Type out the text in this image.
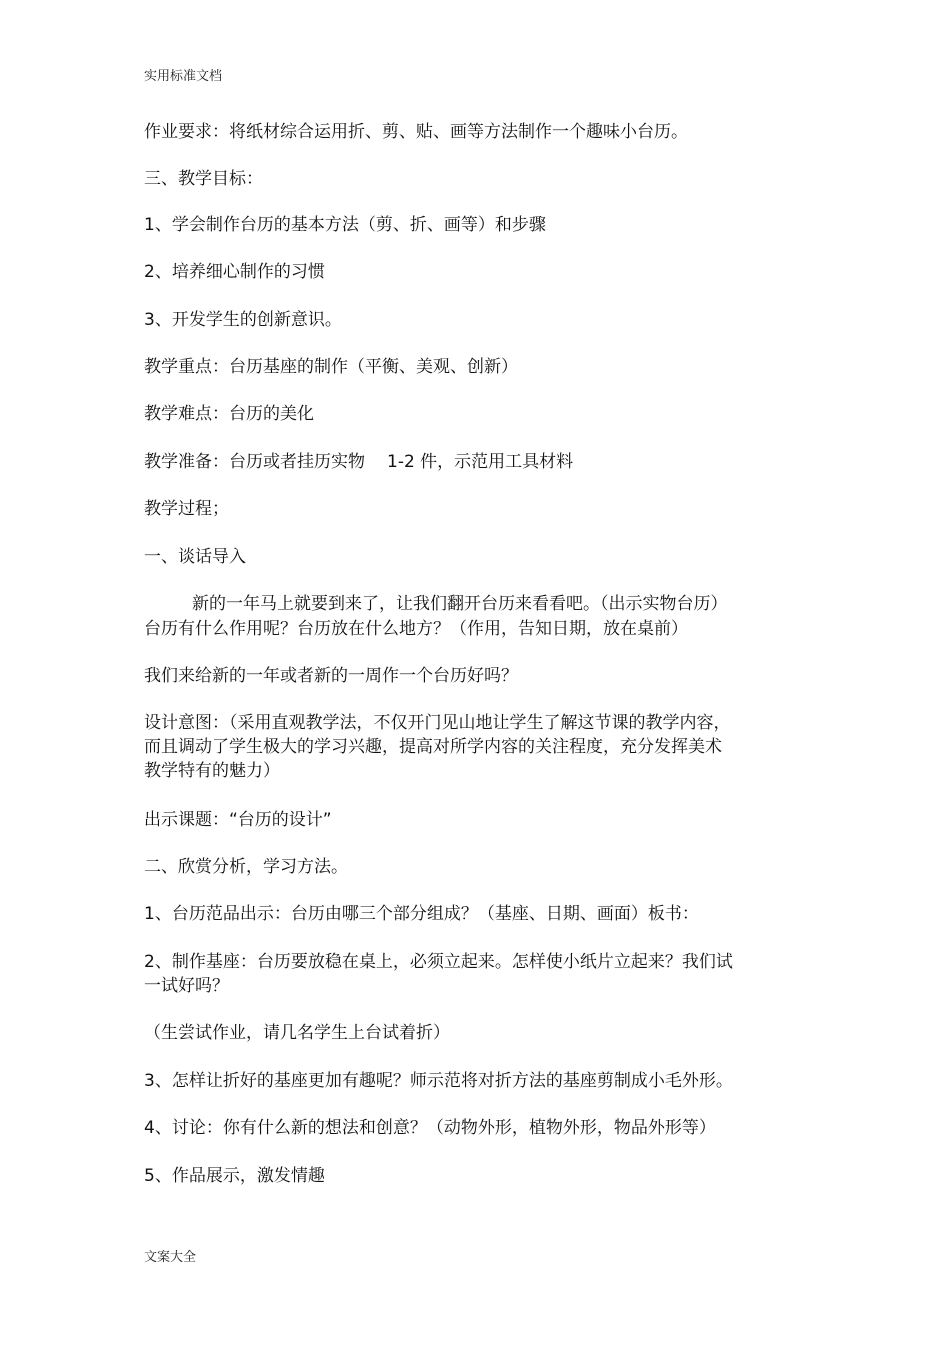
实用标准文档
作业要求：将纸材综合运用折、剪、贴、画等方法制作一个趣味小台历。
三、教学目标：
1、学会制作台历的基本方法（剪、折、画等）和步骤
2、培养细心制作的习惯
3、开发学生的创新意识。
教学重点：台历基座的制作（平衡、美观、创新）
教学难点：台历的美化
教学准备：台历或者挂历实物 1-2 件，示范用工具材料
教学过程；
一、谈话导入
新的一年马上就要到来了，让我们翻开台历来看看吧。（出示实物台历）
台历有什么作用呢？台历放在什么地方？（作用，告知日期，放在桌前）
我们来给新的一年或者新的一周作一个台历好吗？
设计意图：（采用直观教学法，不仅开门见山地让学生了解这节课的教学内容，
而且调动了学生极大的学习兴趣，提高对所学内容的关注程度，充分发挥美术
教学特有的魅力）
出示课题：“台历的设计”
二、欣赏分析，学习方法。
1、台历范品出示：台历由哪三个部分组成？（基座、日期、画面）板书：
2、制作基座：台历要放稳在桌上，必须立起来。怎样使小纸片立起来？我们试
一试好吗？
（生尝试作业，请几名学生上台试着折）
3、怎样让折好的基座更加有趣呢？师示范将对折方法的基座剪制成小毛外形。
4、讨论：你有什么新的想法和创意？（动物外形，植物外形，物品外形等）
5、作品展示，激发情趣
文案大全
